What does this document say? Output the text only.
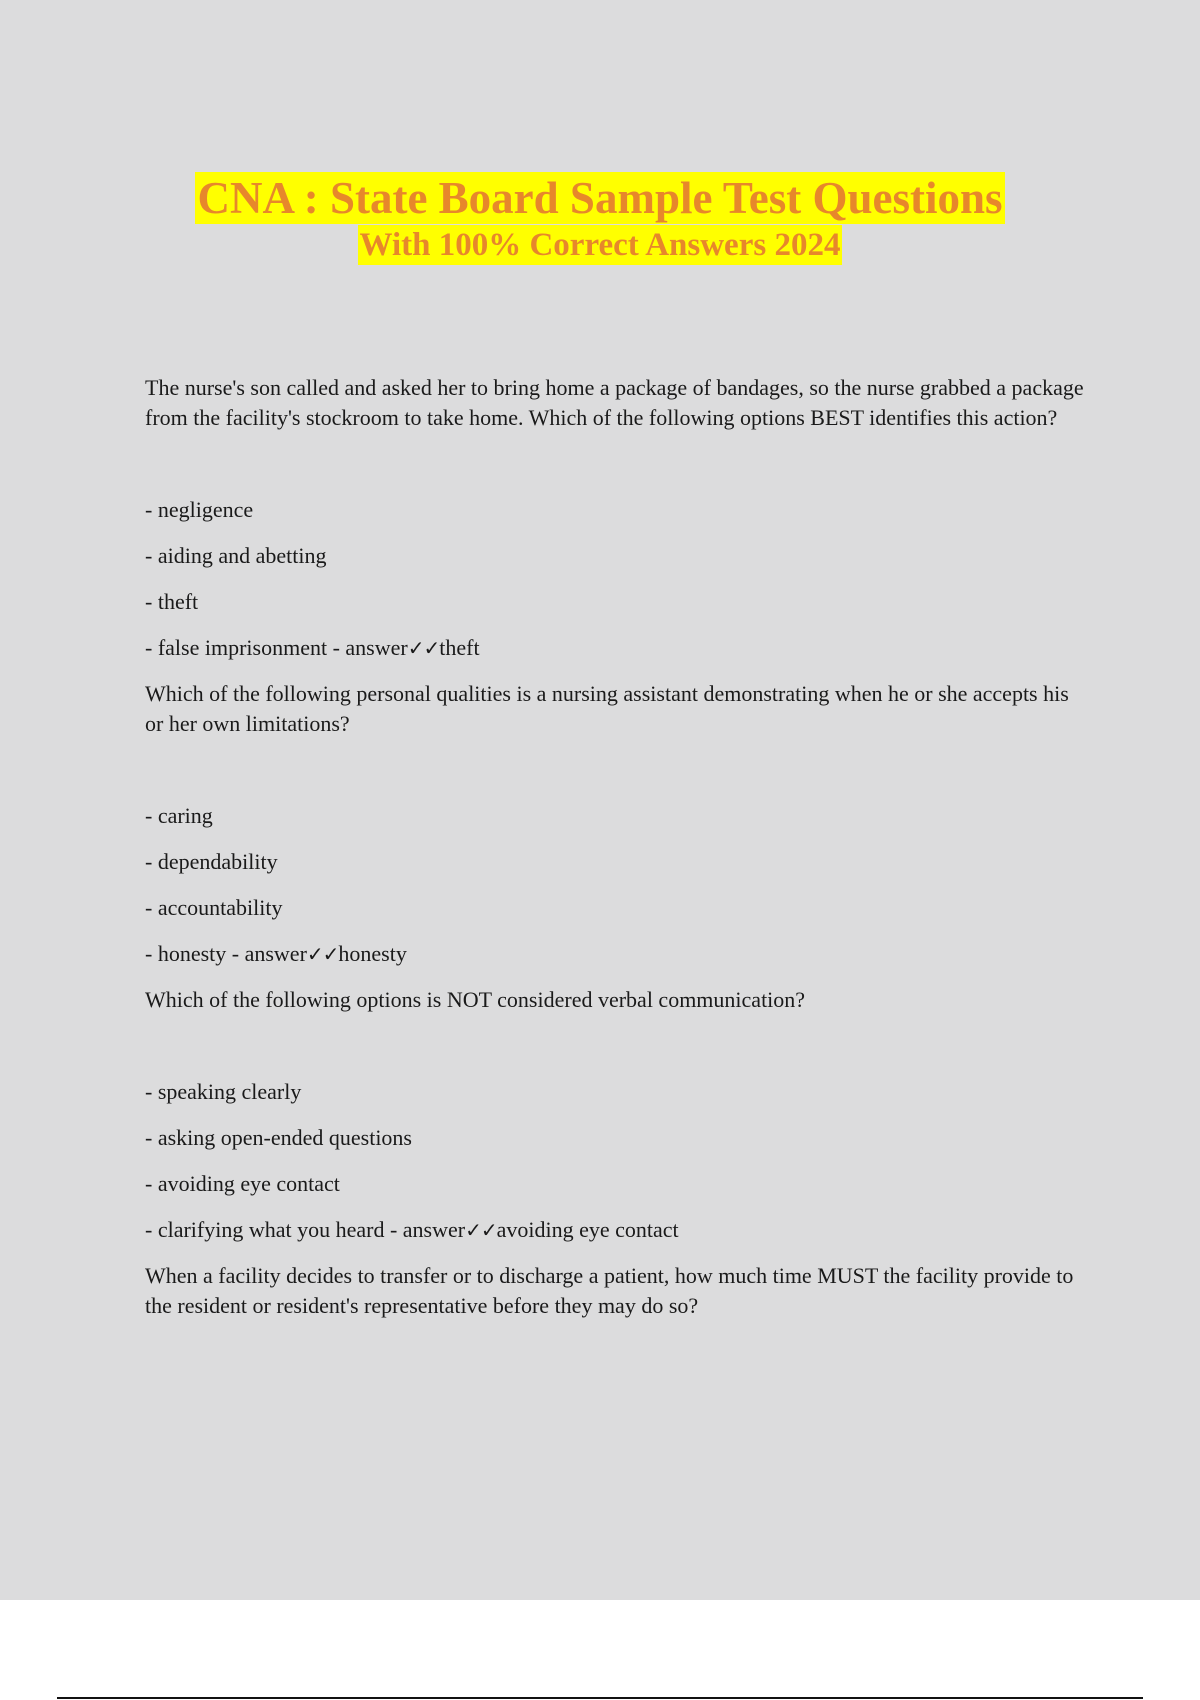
CNA : State Board Sample Test Questions
With 100% Correct Answers 2024

The nurse's son called and asked her to bring home a package of bandages, so the nurse grabbed a package from the facility's stockroom to take home. Which of the following options BEST identifies this action?

- negligence
- aiding and abetting
- theft
- false imprisonment - answer✓✓theft

Which of the following personal qualities is a nursing assistant demonstrating when he or she accepts his or her own limitations?

- caring
- dependability
- accountability
- honesty - answer✓✓honesty

Which of the following options is NOT considered verbal communication?

- speaking clearly
- asking open-ended questions
- avoiding eye contact
- clarifying what you heard - answer✓✓avoiding eye contact

When a facility decides to transfer or to discharge a patient, how much time MUST the facility provide to the resident or resident's representative before they may do so?
